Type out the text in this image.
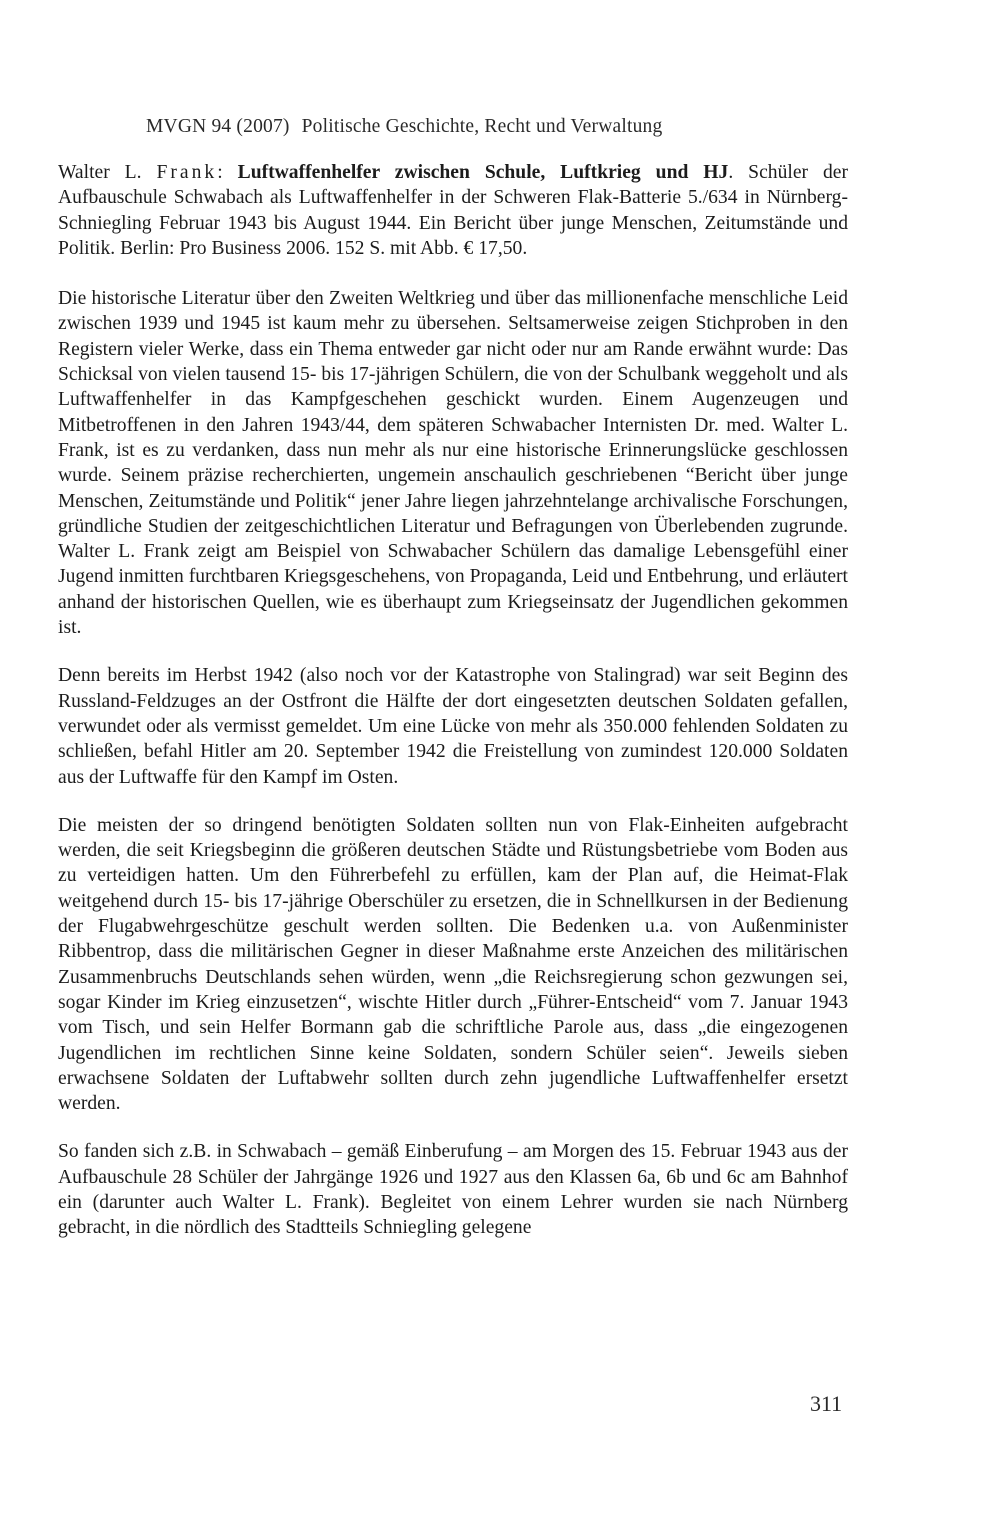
MVGN 94 (2007) Politische Geschichte, Recht und Verwaltung

Walter L. Frank: Luftwaffenhelfer zwischen Schule, Luftkrieg und HJ. Schüler der Aufbauschule Schwabach als Luftwaffenhelfer in der Schweren Flak-Batterie 5./634 in Nürnberg-Schniegling Februar 1943 bis August 1944. Ein Bericht über junge Menschen, Zeitumstände und Politik. Berlin: Pro Business 2006. 152 S. mit Abb. € 17,50.

Die historische Literatur über den Zweiten Weltkrieg und über das millionenfache menschliche Leid zwischen 1939 und 1945 ist kaum mehr zu übersehen. Seltsamerweise zeigen Stichproben in den Registern vieler Werke, dass ein Thema entweder gar nicht oder nur am Rande erwähnt wurde: Das Schicksal von vielen tausend 15- bis 17-jährigen Schülern, die von der Schulbank weggeholt und als Luftwaffenhelfer in das Kampfgeschehen geschickt wurden. Einem Augenzeugen und Mitbetroffenen in den Jahren 1943/44, dem späteren Schwabacher Internisten Dr. med. Walter L. Frank, ist es zu verdanken, dass nun mehr als nur eine historische Erinnerungslücke geschlossen wurde. Seinem präzise recherchierten, ungemein anschaulich geschriebenen “Bericht über junge Menschen, Zeitumstände und Politik“ jener Jahre liegen jahrzehntelange archivalische Forschungen, gründliche Studien der zeitgeschichtlichen Literatur und Befragungen von Überlebenden zugrunde. Walter L. Frank zeigt am Beispiel von Schwabacher Schülern das damalige Lebensgefühl einer Jugend inmitten furchtbaren Kriegsgeschehens, von Propaganda, Leid und Entbehrung, und erläutert anhand der historischen Quellen, wie es überhaupt zum Kriegseinsatz der Jugendlichen gekommen ist.

Denn bereits im Herbst 1942 (also noch vor der Katastrophe von Stalingrad) war seit Beginn des Russland-Feldzuges an der Ostfront die Hälfte der dort eingesetzten deutschen Soldaten gefallen, verwundet oder als vermisst gemeldet. Um eine Lücke von mehr als 350.000 fehlenden Soldaten zu schließen, befahl Hitler am 20. September 1942 die Freistellung von zumindest 120.000 Soldaten aus der Luftwaffe für den Kampf im Osten.

Die meisten der so dringend benötigten Soldaten sollten nun von Flak-Einheiten aufgebracht werden, die seit Kriegsbeginn die größeren deutschen Städte und Rüstungsbetriebe vom Boden aus zu verteidigen hatten. Um den Führerbefehl zu erfüllen, kam der Plan auf, die Heimat-Flak weitgehend durch 15- bis 17-jährige Oberschüler zu ersetzen, die in Schnellkursen in der Bedienung der Flugabwehrgeschütze geschult werden sollten. Die Bedenken u.a. von Außenminister Ribbentrop, dass die militärischen Gegner in dieser Maßnahme erste Anzeichen des militärischen Zusammenbruchs Deutschlands sehen würden, wenn „die Reichsregierung schon gezwungen sei, sogar Kinder im Krieg einzusetzen“, wischte Hitler durch „Führer-Entscheid“ vom 7. Januar 1943 vom Tisch, und sein Helfer Bormann gab die schriftliche Parole aus, dass „die eingezogenen Jugendlichen im rechtlichen Sinne keine Soldaten, sondern Schüler seien“. Jeweils sieben erwachsene Soldaten der Luftabwehr sollten durch zehn jugendliche Luftwaffenhelfer ersetzt werden.

So fanden sich z.B. in Schwabach – gemäß Einberufung – am Morgen des 15. Februar 1943 aus der Aufbauschule 28 Schüler der Jahrgänge 1926 und 1927 aus den Klassen 6a, 6b und 6c am Bahnhof ein (darunter auch Walter L. Frank). Begleitet von einem Lehrer wurden sie nach Nürnberg gebracht, in die nördlich des Stadtteils Schniegling gelegene

311
